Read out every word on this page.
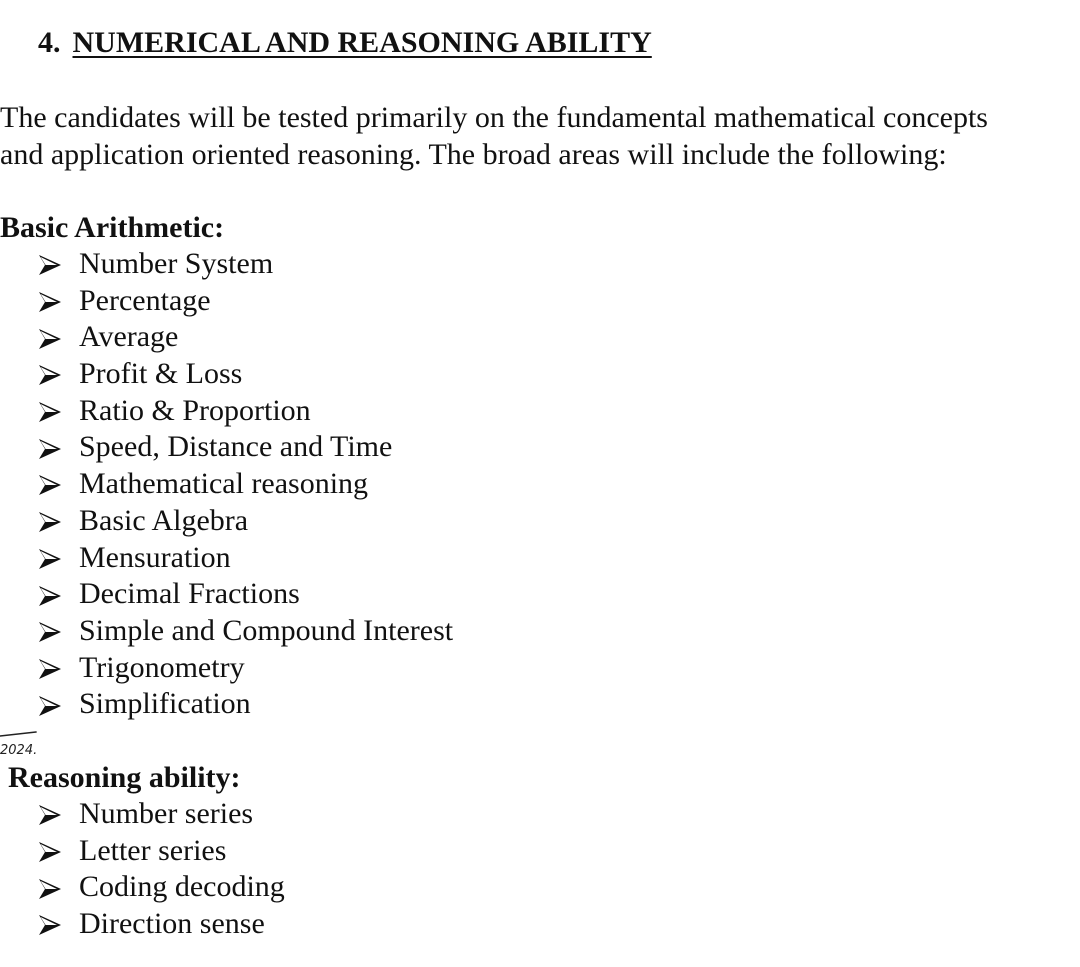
4. NUMERICAL AND REASONING ABILITY

The candidates will be tested primarily on the fundamental mathematical concepts

and application oriented reasoning. The broad areas will include the following:

Basic Arithmetic:
Number System
Percentage
Average
Profit & Loss
Ratio & Proportion
Speed, Distance and Time
Mathematical reasoning
Basic Algebra
Mensuration
Decimal Fractions
Simple and Compound Interest
Trigonometry
Simplification
2024.
Reasoning ability:
Number series
Letter series
Coding decoding
Direction sense
